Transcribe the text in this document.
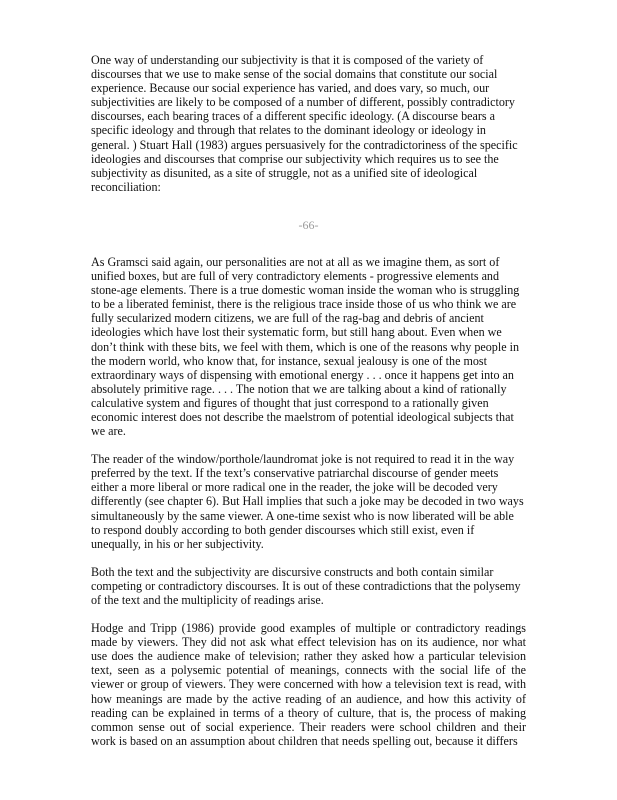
One way of understanding our subjectivity is that it is composed of the variety of discourses that we use to make sense of the social domains that constitute our social experience. Because our social experience has varied, and does vary, so much, our subjectivities are likely to be composed of a number of different, possibly contradictory discourses, each bearing traces of a different specific ideology. (A discourse bears a specific ideology and through that relates to the dominant ideology or ideology in general. ) Stuart Hall (1983) argues persuasively for the contradictoriness of the specific ideologies and discourses that comprise our subjectivity which requires us to see the subjectivity as disunited, as a site of struggle, not as a unified site of ideological reconciliation:

-66-

As Gramsci said again, our personalities are not at all as we imagine them, as sort of unified boxes, but are full of very contradictory elements - progressive elements and stone-age elements. There is a true domestic woman inside the woman who is struggling to be a liberated feminist, there is the religious trace inside those of us who think we are fully secularized modern citizens, we are full of the rag-bag and debris of ancient ideologies which have lost their systematic form, but still hang about. Even when we don’t think with these bits, we feel with them, which is one of the reasons why people in the modern world, who know that, for instance, sexual jealousy is one of the most extraordinary ways of dispensing with emotional energy . . . once it happens get into an absolutely primitive rage. . . . The notion that we are talking about a kind of rationally calculative system and figures of thought that just correspond to a rationally given economic interest does not describe the maelstrom of potential ideological subjects that we are.

The reader of the window/porthole/laundromat joke is not required to read it in the way preferred by the text. If the text’s conservative patriarchal discourse of gender meets either a more liberal or more radical one in the reader, the joke will be decoded very differently (see chapter 6). But Hall implies that such a joke may be decoded in two ways simultaneously by the same viewer. A one-time sexist who is now liberated will be able to respond doubly according to both gender discourses which still exist, even if unequally, in his or her subjectivity.

Both the text and the subjectivity are discursive constructs and both contain similar competing or contradictory discourses. It is out of these contradictions that the polysemy of the text and the multiplicity of readings arise.

Hodge and Tripp (1986) provide good examples of multiple or contradictory readings made by viewers. They did not ask what effect television has on its audience, nor what use does the audience make of television; rather they asked how a particular television text, seen as a polysemic potential of meanings, connects with the social life of the viewer or group of viewers. They were concerned with how a television text is read, with how meanings are made by the active reading of an audience, and how this activity of reading can be explained in terms of a theory of culture, that is, the process of making common sense out of social experience. Their readers were school children and their work is based on an assumption about children that needs spelling out, because it differs
